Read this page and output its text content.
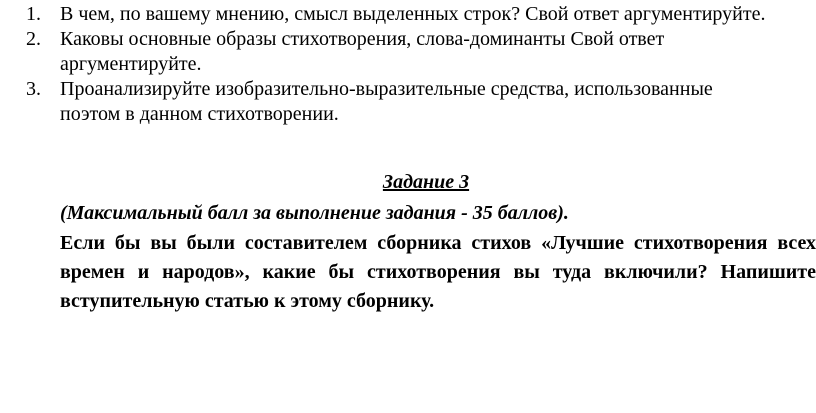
1. В чем, по вашему мнению, смысл выделенных строк? Свой ответ аргументируйте.
2. Каковы основные образы стихотворения, слова-доминанты Свой ответ
аргументируйте.
3. Проанализируйте изобразительно-выразительные средства, использованные
поэтом в данном стихотворении.
Задание 3
(Максимальный балл за выполнение задания - 35 баллов).
Если бы вы были составителем сборника стихов «Лучшие стихотворения всех
времен и народов», какие бы стихотворения вы туда включили? Напишите
вступительную статью к этому сборнику.
